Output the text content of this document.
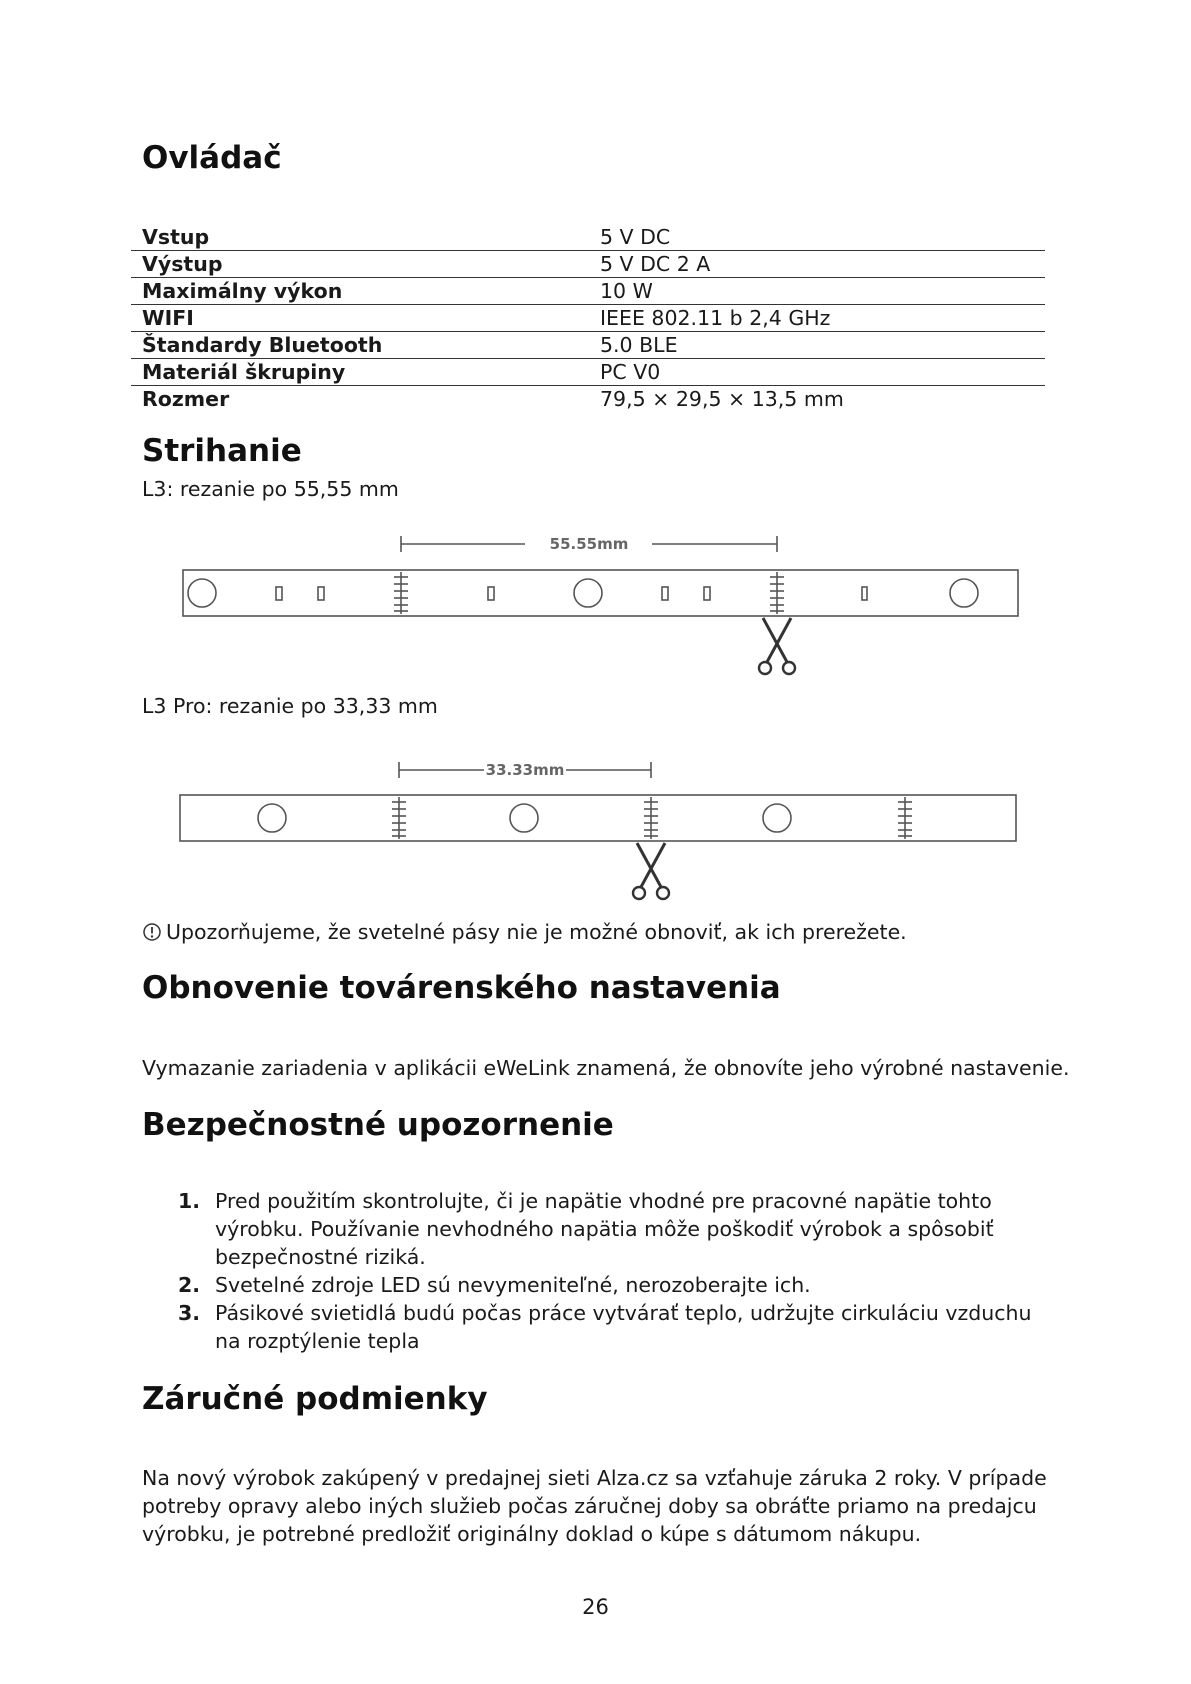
Ovládač
Vstup	5 V DC
Výstup	5 V DC 2 A
Maximálny výkon	10 W
WIFI	IEEE 802.11 b 2,4 GHz
Štandardy Bluetooth	5.0 BLE
Materiál škrupiny	PC V0
Rozmer	79,5 × 29,5 × 13,5 mm
Strihanie

L3: rezanie po 55,55 mm

55.55mm

L3 Pro: rezanie po 33,33 mm

33.33mm
Upozorňujeme, že svetelné pásy nie je možné obnoviť, ak ich prerežete.
Obnovenie továrenského nastavenia

Vymazanie zariadenia v aplikácii eWeLink znamená, že obnovíte jeho výrobné nastavenie.

Bezpečnostné upozornenie
1. Pred použitím skontrolujte, či je napätie vhodné pre pracovné napätie tohto výrobku. Používanie nevhodného napätia môže poškodiť výrobok a spôsobiť bezpečnostné riziká.
2. Svetelné zdroje LED sú nevymeniteľné, nerozoberajte ich.
3. Pásikové svietidlá budú počas práce vytvárať teplo, udržujte cirkuláciu vzduchu na rozptýlenie tepla
Záručné podmienky

Na nový výrobok zakúpený v predajnej sieti Alza.cz sa vzťahuje záruka 2 roky. V prípade potreby opravy alebo iných služieb počas záručnej doby sa obráťte priamo na predajcu výrobku, je potrebné predložiť originálny doklad o kúpe s dátumom nákupu.

26
